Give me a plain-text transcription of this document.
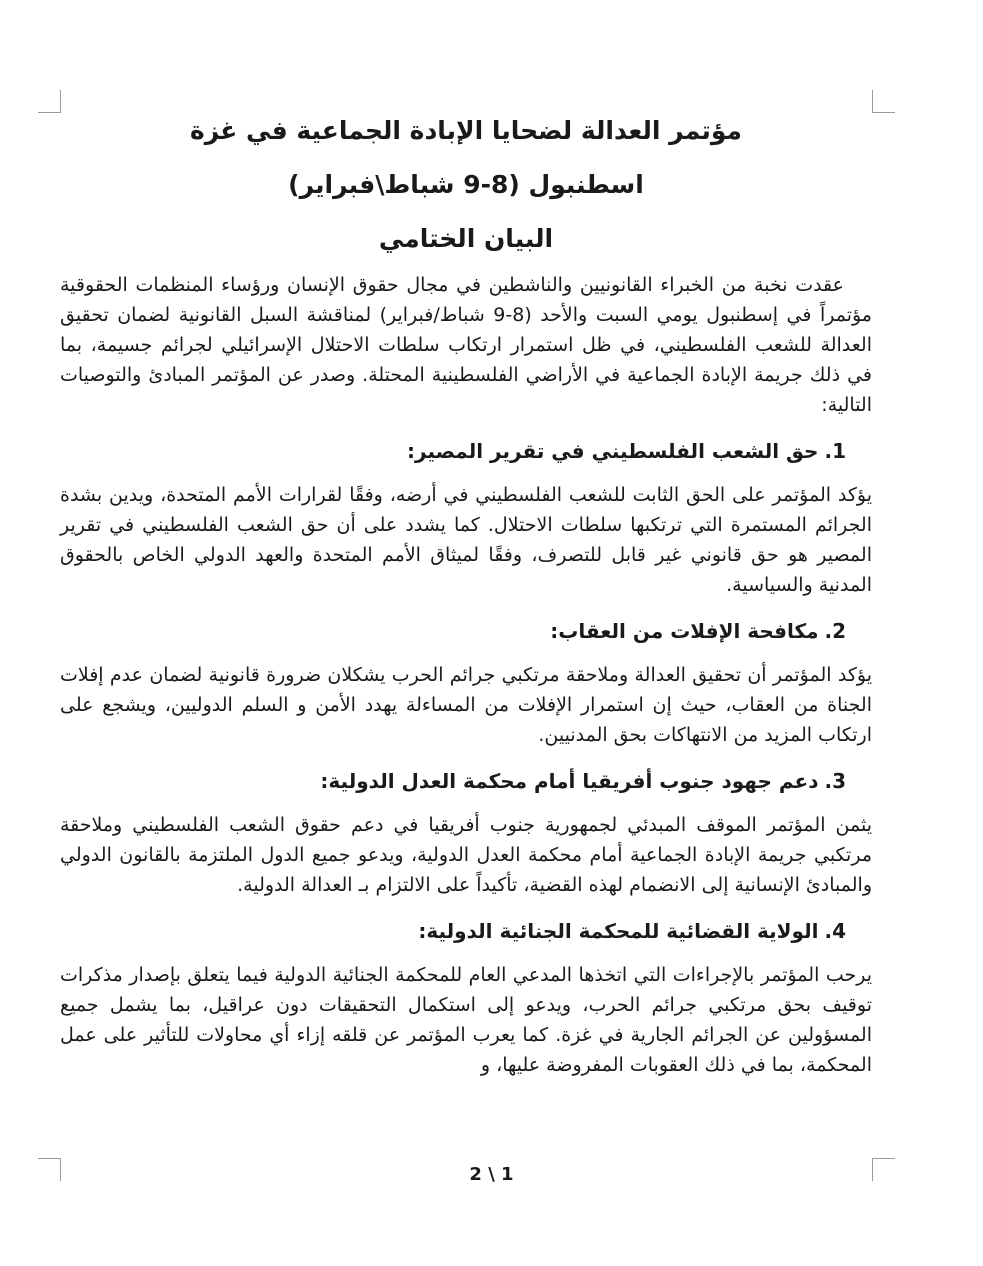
مؤتمر العدالة لضحايا الإبادة الجماعية في غزة
اسطنبول (8-9 شباط\فبراير)
البيان الختامي

عقدت نخبة من الخبراء القانونيين والناشطين في مجال حقوق الإنسان ورؤساء المنظمات الحقوقية مؤتمراً في إسطنبول يومي السبت والأحد (8-9 شباط/فبراير) لمناقشة السبل القانونية لضمان تحقيق العدالة للشعب الفلسطيني، في ظل استمرار ارتكاب سلطات الاحتلال الإسرائيلي لجرائم جسيمة، بما في ذلك جريمة الإبادة الجماعية في الأراضي الفلسطينية المحتلة. وصدر عن المؤتمر المبادئ والتوصيات التالية:

1.حق الشعب الفلسطيني في تقرير المصير:

يؤكد المؤتمر على الحق الثابت للشعب الفلسطيني في أرضه، وفقًا لقرارات الأمم المتحدة، ويدين بشدة الجرائم المستمرة التي ترتكبها سلطات الاحتلال. كما يشدد على أن حق الشعب الفلسطيني في تقرير المصير هو حق قانوني غير قابل للتصرف، وفقًا لميثاق الأمم المتحدة والعهد الدولي الخاص بالحقوق المدنية والسياسية.

2.مكافحة الإفلات من العقاب:

يؤكد المؤتمر أن تحقيق العدالة وملاحقة مرتكبي جرائم الحرب يشكلان ضرورة قانونية لضمان عدم إفلات الجناة من العقاب، حيث إن استمرار الإفلات من المساءلة يهدد الأمن و السلم الدوليين، ويشجع على ارتكاب المزيد من الانتهاكات بحق المدنيين.

3.دعم جهود جنوب أفريقيا أمام محكمة العدل الدولية:

يثمن المؤتمر الموقف المبدئي لجمهورية جنوب أفريقيا في دعم حقوق الشعب الفلسطيني وملاحقة مرتكبي جريمة الإبادة الجماعية أمام محكمة العدل الدولية، ويدعو جميع الدول الملتزمة بالقانون الدولي والمبادئ الإنسانية إلى الانضمام لهذه القضية، تأكيداً على الالتزام بـ العدالة الدولية.

4.الولاية القضائية للمحكمة الجنائية الدولية:

يرحب المؤتمر بالإجراءات التي اتخذها المدعي العام للمحكمة الجنائية الدولية فيما يتعلق بإصدار مذكرات توقيف بحق مرتكبي جرائم الحرب، ويدعو إلى استكمال التحقيقات دون عراقيل، بما يشمل جميع المسؤولين عن الجرائم الجارية في غزة. كما يعرب المؤتمر عن قلقه إزاء أي محاولات للتأثير على عمل المحكمة، بما في ذلك العقوبات المفروضة عليها، و

2 \ 1
